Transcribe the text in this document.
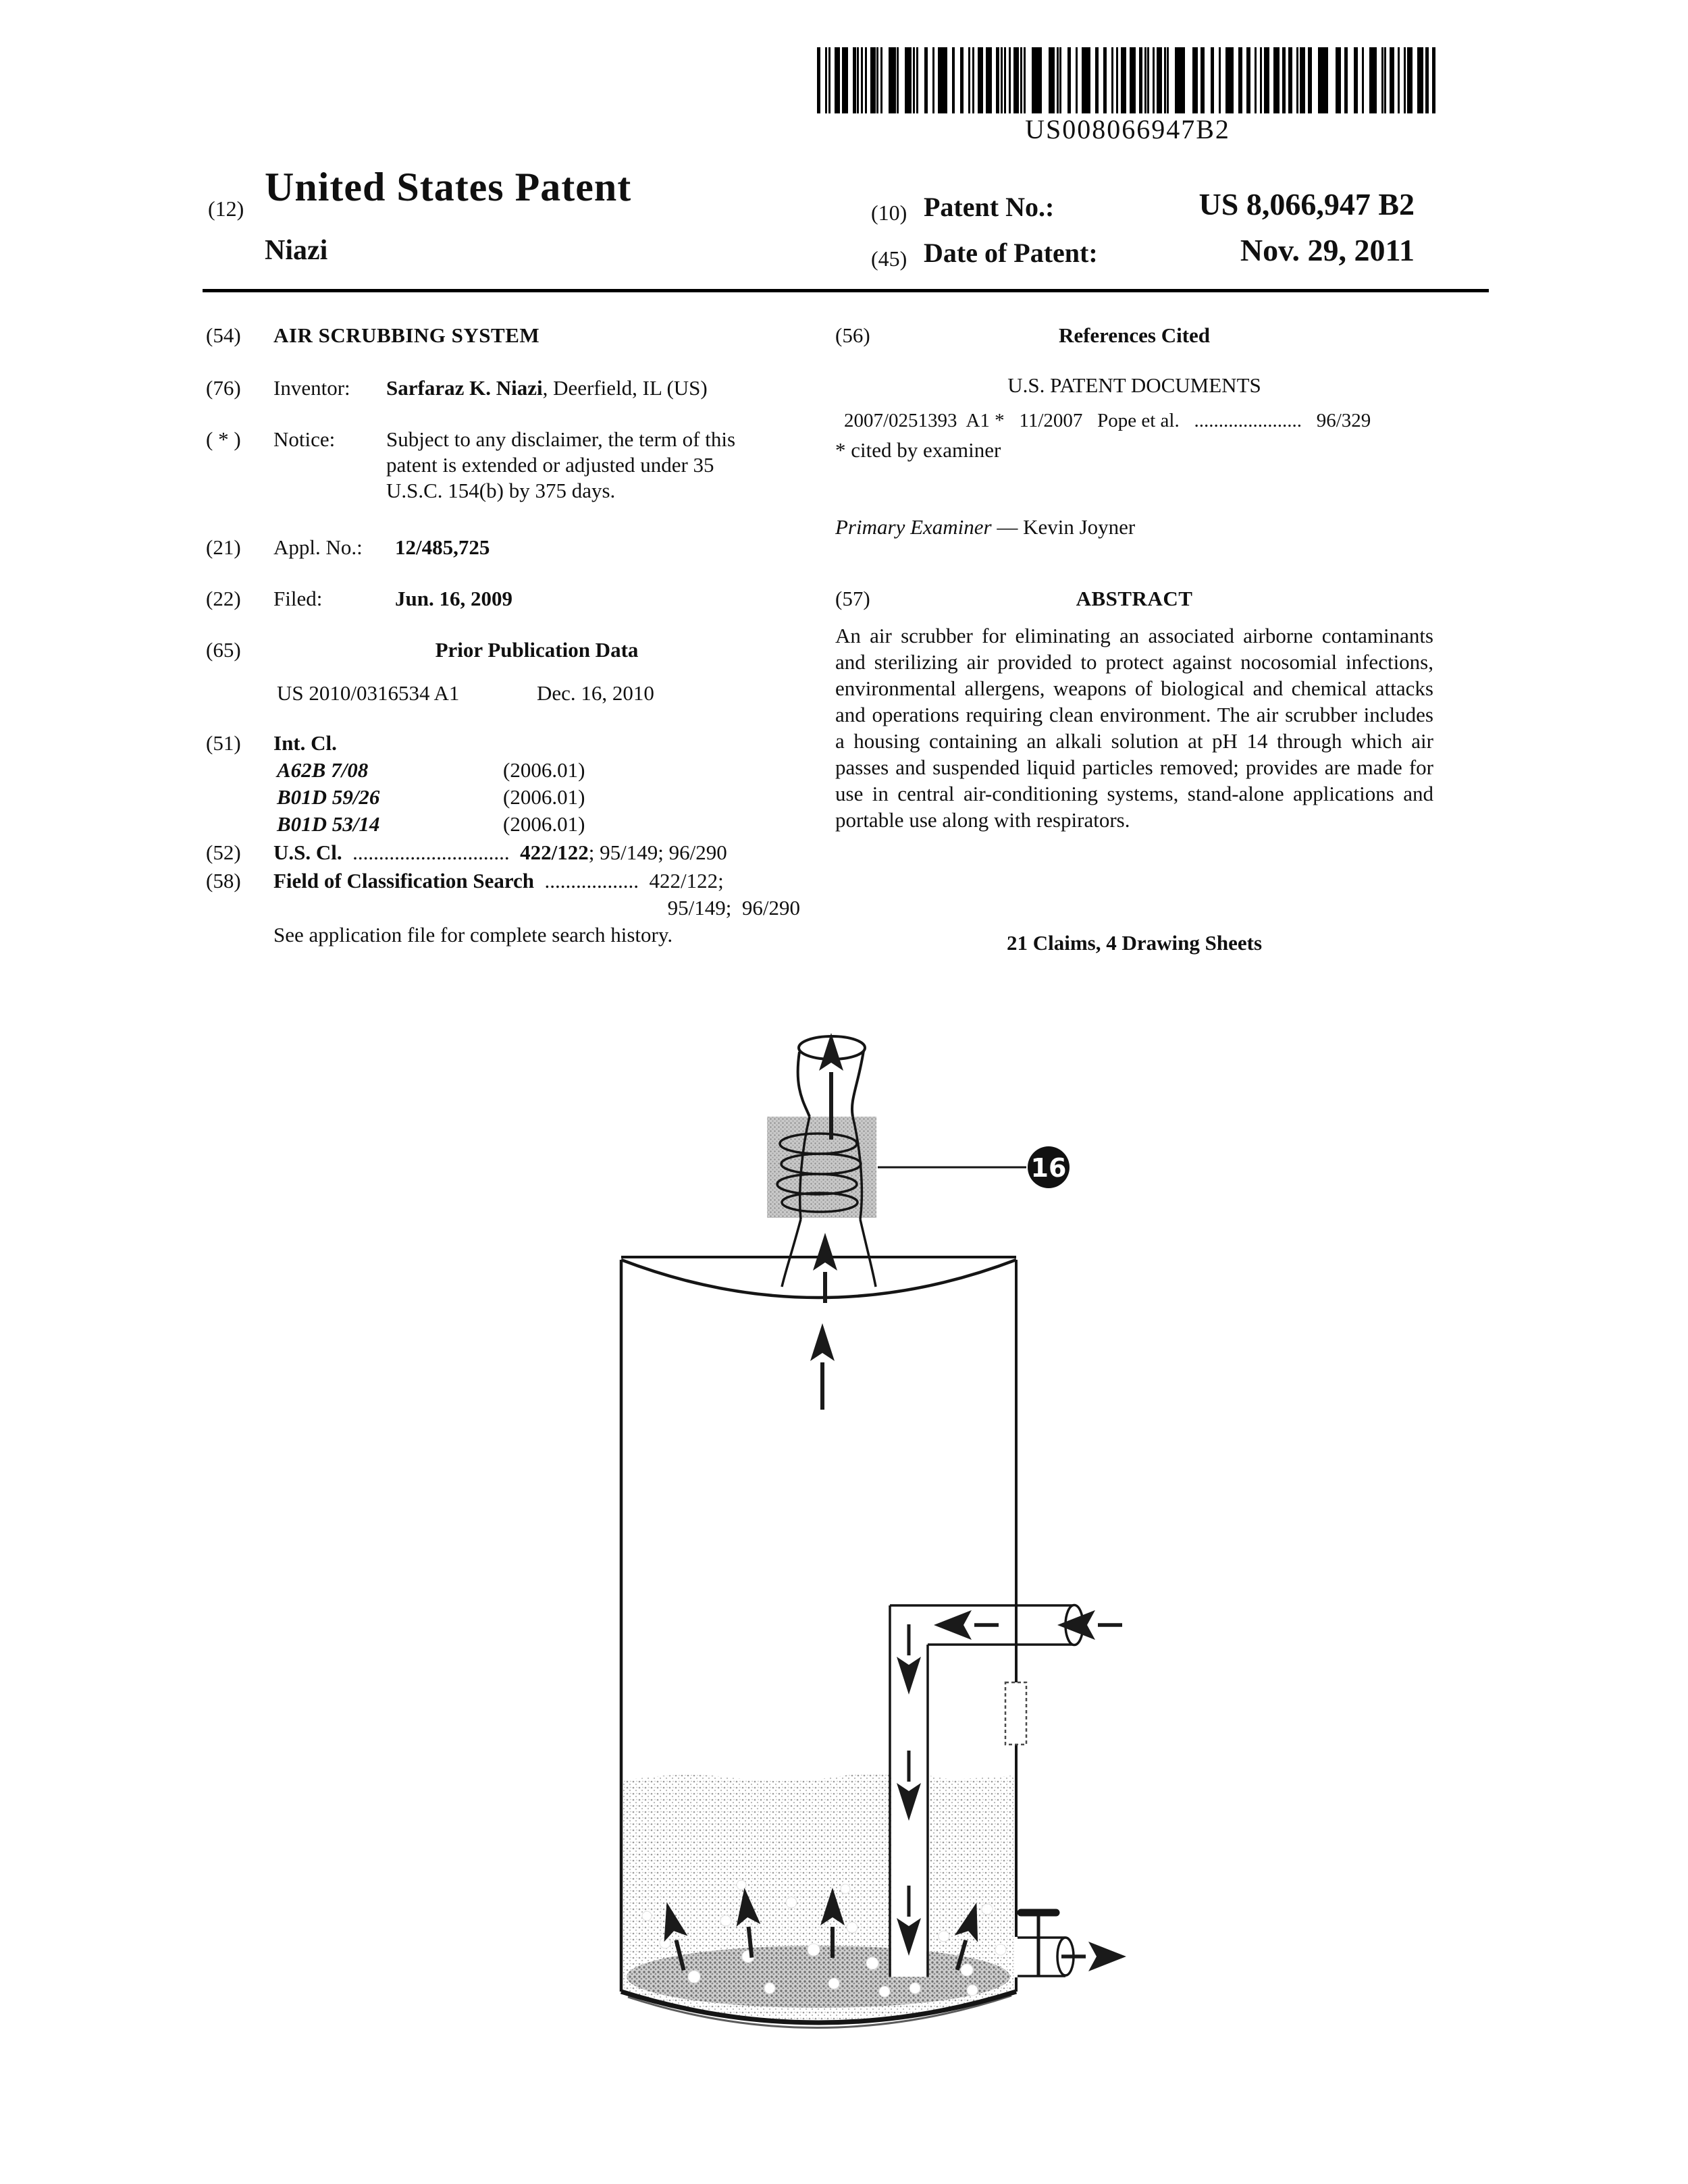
US008066947B2
(12) United States Patent
Niazi
(10) Patent No.:	US 8,066,947 B2
(45) Date of Patent:	Nov. 29, 2011
(54) AIR SCRUBBING SYSTEM
(76) Inventor: Sarfaraz K. Niazi, Deerfield, IL (US)
( * ) Notice: Subject to any disclaimer, the term of this
patent is extended or adjusted under 35
U.S.C. 154(b) by 375 days.
(21) Appl. No.: 12/485,725
(22) Filed:	Jun. 16, 2009
(65)	Prior Publication Data
US 2010/0316534 A1	Dec. 16, 2010
(51) Int. Cl.
A62B 7/08	(2006.01)
B01D 59/26	(2006.01)
B01D 53/14	(2006.01)
(52) U.S. Cl.  ..............................  422/122; 95/149; 96/290
(58) Field of Classification Search  ..................  422/122;
95/149;  96/290
See application file for complete search history.
(56)	References Cited
U.S. PATENT DOCUMENTS
2007/0251393  A1 *   11/2007   Pope et al.   ......................   96/329
* cited by examiner
Primary Examiner — Kevin Joyner
(57)	ABSTRACT
An air scrubber for eliminating an associated airborne contaminants and sterilizing air provided to protect against nocosomial infections, environmental allergens, weapons of biological and chemical attacks and operations requiring clean environment. The air scrubber includes a housing containing an alkali solution at pH 14 through which air passes and suspended liquid particles removed; provides are made for use in central air-conditioning systems, stand-alone applications and portable use along with respirators.
21 Claims, 4 Drawing Sheets
16
